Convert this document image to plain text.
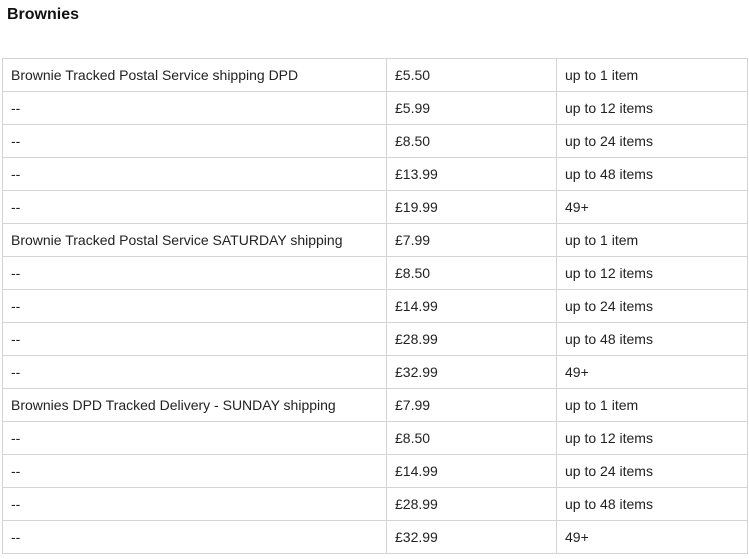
Brownies
Brownie Tracked Postal Service shipping DPD	£5.50	up to 1 item
--	£5.99	up to 12 items
--	£8.50	up to 24 items
--	£13.99	up to 48 items
--	£19.99	49+
Brownie Tracked Postal Service SATURDAY shipping	£7.99	up to 1 item
--	£8.50	up to 12 items
--	£14.99	up to 24 items
--	£28.99	up to 48 items
--	£32.99	49+
Brownies DPD Tracked Delivery - SUNDAY shipping	£7.99	up to 1 item
--	£8.50	up to 12 items
--	£14.99	up to 24 items
--	£28.99	up to 48 items
--	£32.99	49+
